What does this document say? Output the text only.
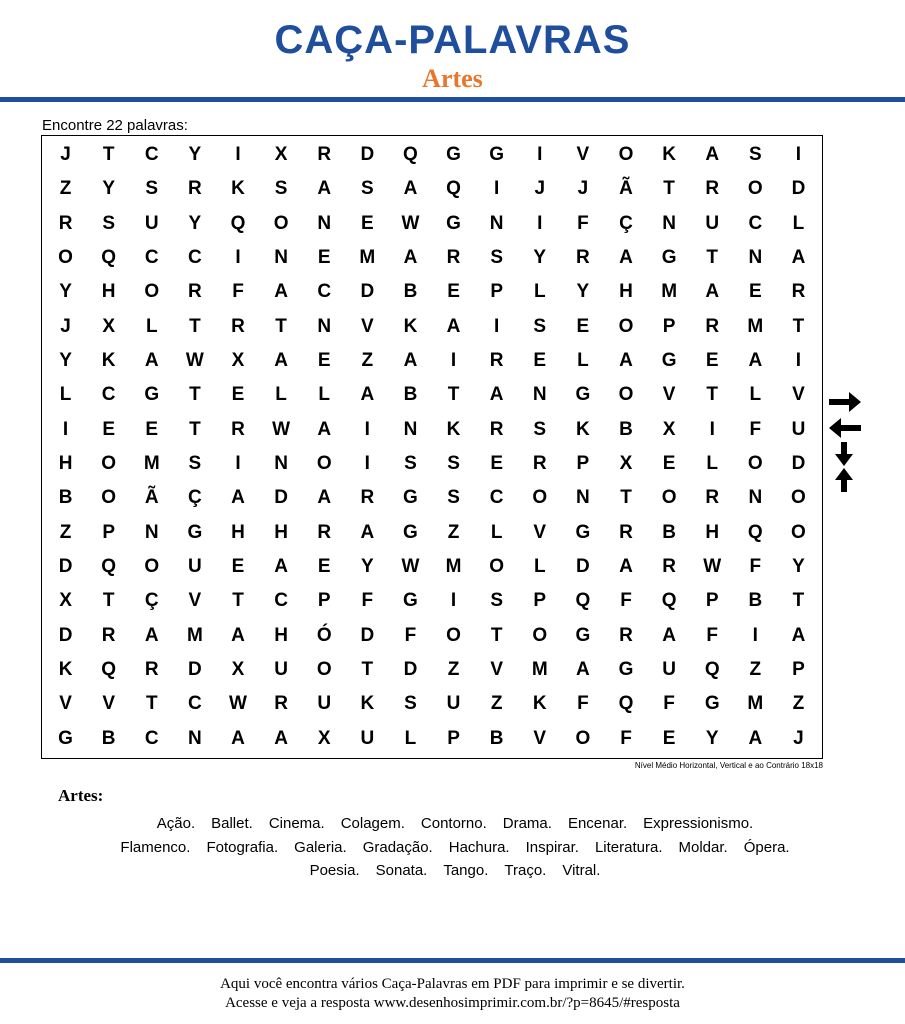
CAÇA-PALAVRAS
Artes
Encontre 22 palavras:
J	T	C	Y	I	X	R	D	Q	G	G	I	V	O	K	A	S	I
Z	Y	S	R	K	S	A	S	A	Q	I	J	J	Ã	T	R	O	D
R	S	U	Y	Q	O	N	E	W	G	N	I	F	Ç	N	U	C	L
O	Q	C	C	I	N	E	M	A	R	S	Y	R	A	G	T	N	A
Y	H	O	R	F	A	C	D	B	E	P	L	Y	H	M	A	E	R
J	X	L	T	R	T	N	V	K	A	I	S	E	O	P	R	M	T
Y	K	A	W	X	A	E	Z	A	I	R	E	L	A	G	E	A	I
L	C	G	T	E	L	L	A	B	T	A	N	G	O	V	T	L	V
I	E	E	T	R	W	A	I	N	K	R	S	K	B	X	I	F	U
H	O	M	S	I	N	O	I	S	S	E	R	P	X	E	L	O	D
B	O	Ã	Ç	A	D	A	R	G	S	C	O	N	T	O	R	N	O
Z	P	N	G	H	H	R	A	G	Z	L	V	G	R	B	H	Q	O
D	Q	O	U	E	A	E	Y	W	M	O	L	D	A	R	W	F	Y
X	T	Ç	V	T	C	P	F	G	I	S	P	Q	F	Q	P	B	T
D	R	A	M	A	H	Ó	D	F	O	T	O	G	R	A	F	I	A
K	Q	R	D	X	U	O	T	D	Z	V	M	A	G	U	Q	Z	P
V	V	T	C	W	R	U	K	S	U	Z	K	F	Q	F	G	M	Z
G	B	C	N	A	A	X	U	L	P	B	V	O	F	E	Y	A	J
Nível Médio Horizontal, Vertical e ao Contrário 18x18
Artes:
Ação. Ballet. Cinema. Colagem. Contorno. Drama. Encenar. Expressionismo.
Flamenco. Fotografia. Galeria. Gradação. Hachura. Inspirar. Literatura. Moldar. Ópera.
Poesia. Sonata. Tango. Traço. Vitral.
Aqui você encontra vários Caça-Palavras em PDF para imprimir e se divertir.
Acesse e veja a resposta www.desenhosimprimir.com.br/?p=8645/#resposta
